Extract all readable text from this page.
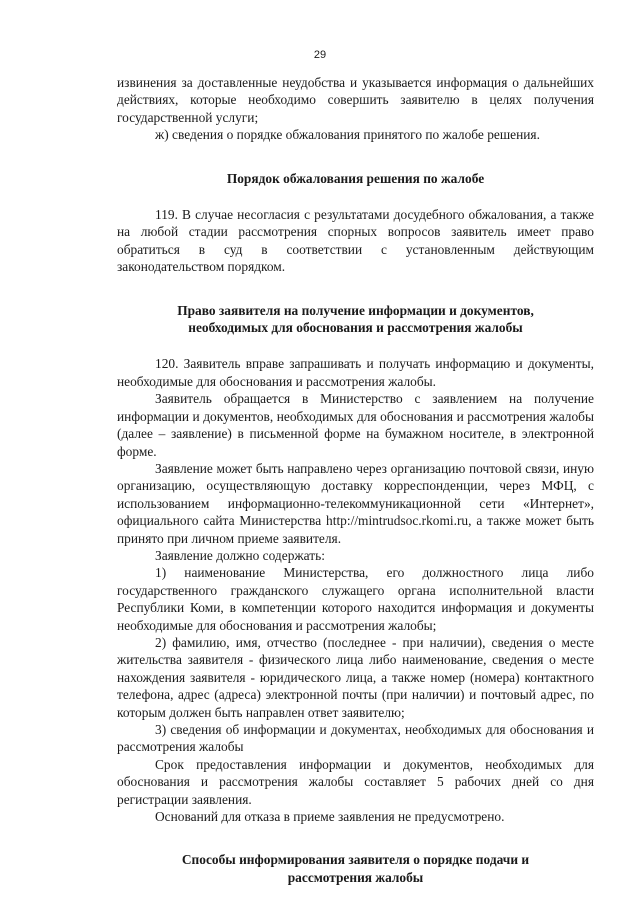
29

извинения за доставленные неудобства и указывается информация о дальнейших действиях, которые необходимо совершить заявителю в целях получения государственной услуги;

ж) сведения о порядке обжалования принятого по жалобе решения.

Порядок обжалования решения по жалобе

119. В случае несогласия с результатами досудебного обжалования, а также на любой стадии рассмотрения спорных вопросов заявитель имеет право обратиться в суд в соответствии с установленным действующим законодательством порядком.

Право заявителя на получение информации и документов,

необходимых для обоснования и рассмотрения жалобы

120. Заявитель вправе запрашивать и получать информацию и документы, необходимые для обоснования и рассмотрения жалобы.

Заявитель обращается в Министерство с заявлением на получение информации и документов, необходимых для обоснования и рассмотрения жалобы (далее – заявление) в письменной форме на бумажном носителе, в электронной форме.

Заявление может быть направлено через организацию почтовой связи, иную организацию, осуществляющую доставку корреспонденции, через МФЦ, с использованием информационно-телекоммуникационной сети «Интернет», официального сайта Министерства http://mintrudsoc.rkomi.ru, а также может быть принято при личном приеме заявителя.

Заявление должно содержать:

1) наименование Министерства, его должностного лица либо государственного гражданского служащего органа исполнительной власти Республики Коми, в компетенции которого находится информация и документы необходимые для обоснования и рассмотрения жалобы;

2) фамилию, имя, отчество (последнее - при наличии), сведения о месте жительства заявителя - физического лица либо наименование, сведения о месте нахождения заявителя - юридического лица, а также номер (номера) контактного телефона, адрес (адреса) электронной почты (при наличии) и почтовый адрес, по которым должен быть направлен ответ заявителю;

3) сведения об информации и документах, необходимых для обоснования и рассмотрения жалобы

Срок предоставления информации и документов, необходимых для обоснования и рассмотрения жалобы составляет 5 рабочих дней со дня регистрации заявления.

Оснований для отказа в приеме заявления не предусмотрено.

Способы информирования заявителя о порядке подачи и

рассмотрения жалобы
